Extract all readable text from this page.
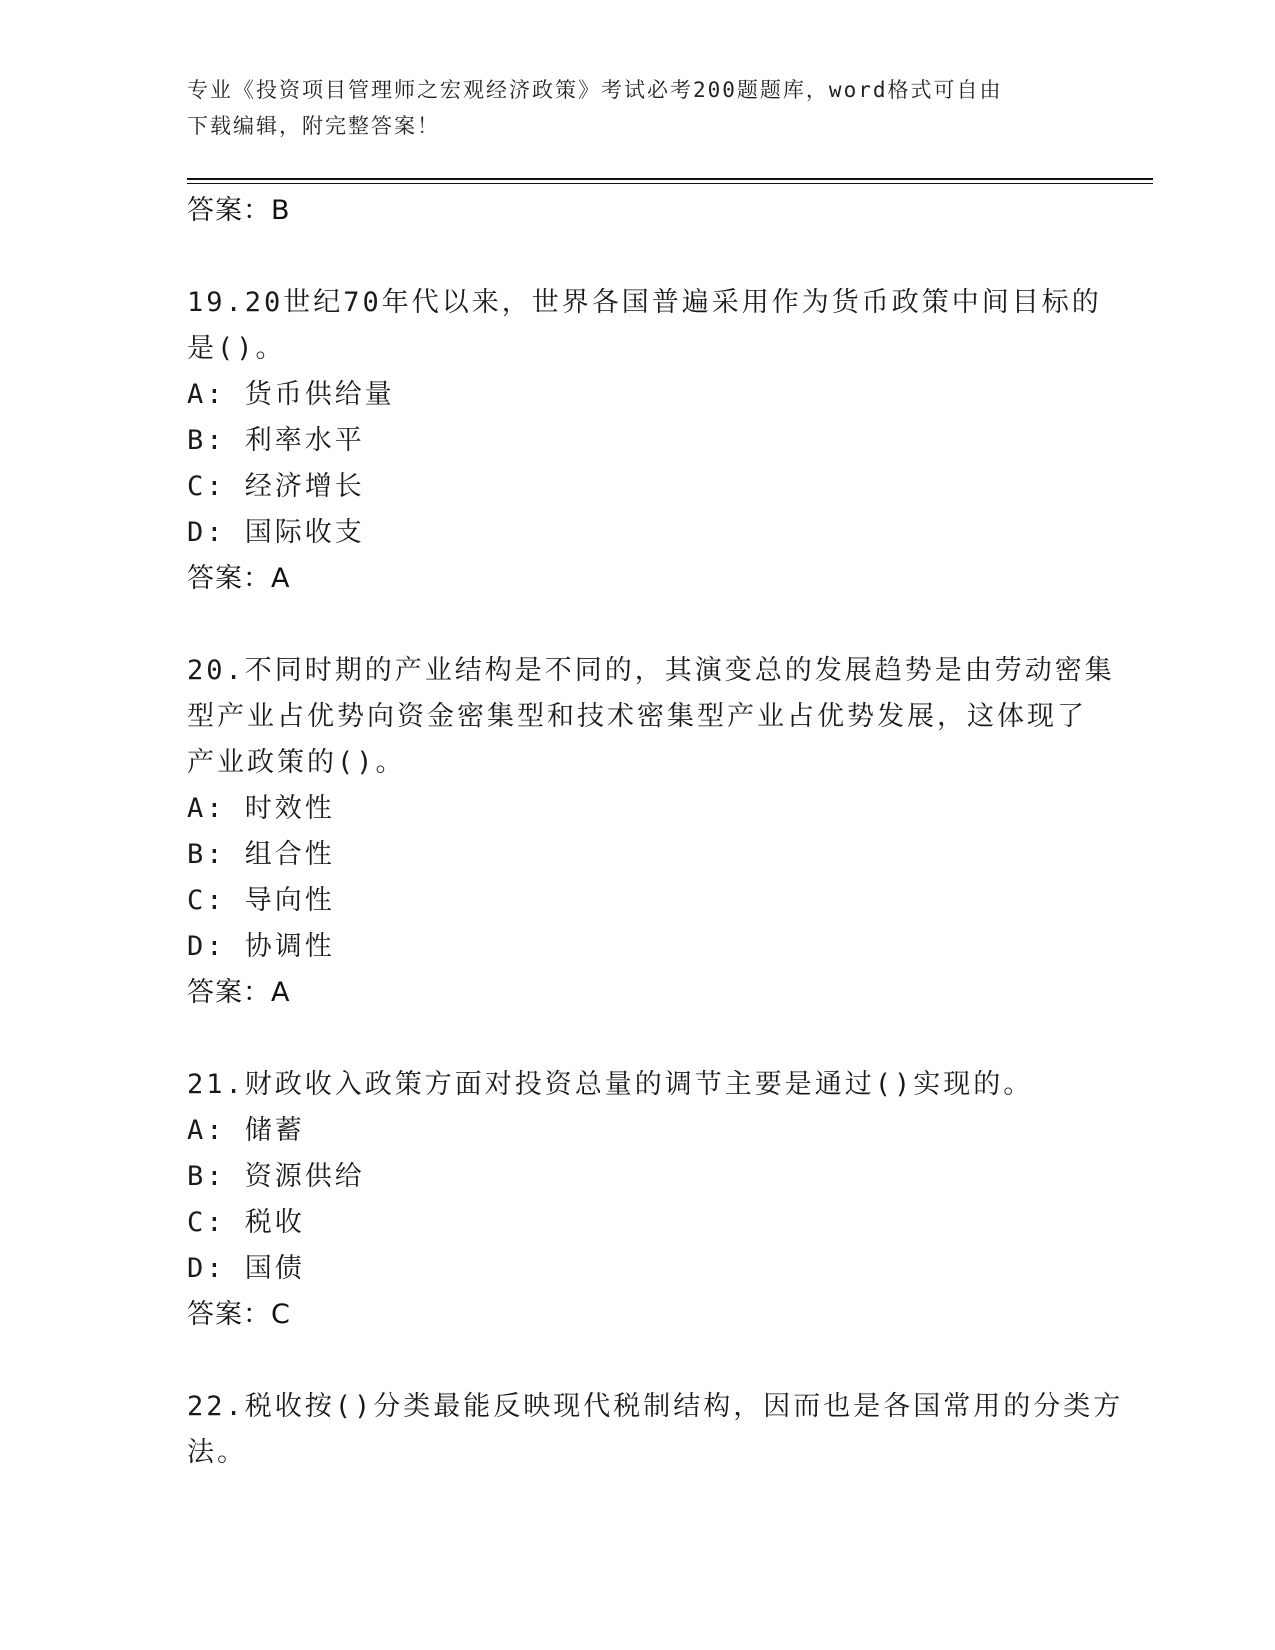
专业《投资项目管理师之宏观经济政策》考试必考200题题库，word格式可自由
下载编辑，附完整答案！
答案：B
19.20世纪70年代以来，世界各国普遍采用作为货币政策中间目标的
是()。
A: 货币供给量
B: 利率水平
C: 经济增长
D: 国际收支
答案：A
20.不同时期的产业结构是不同的，其演变总的发展趋势是由劳动密集
型产业占优势向资金密集型和技术密集型产业占优势发展，这体现了
产业政策的()。
A: 时效性
B: 组合性
C: 导向性
D: 协调性
答案：A
21.财政收入政策方面对投资总量的调节主要是通过()实现的。
A: 储蓄
B: 资源供给
C: 税收
D: 国债
答案：C
22.税收按()分类最能反映现代税制结构，因而也是各国常用的分类方
法。
